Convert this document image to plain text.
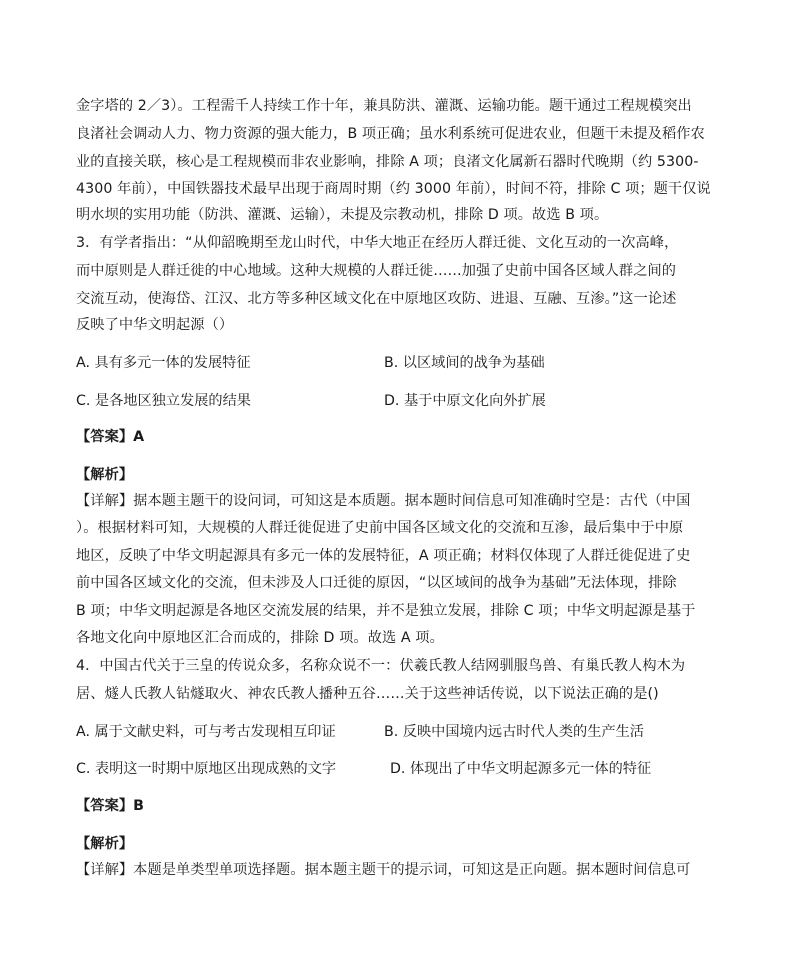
金字塔的 2／3）。工程需千人持续工作十年，兼具防洪、灌溉、运输功能。题干通过工程规模突出
良渚社会调动人力、物力资源的强大能力，B 项正确；虽水利系统可促进农业，但题干未提及稻作农
业的直接关联，核心是工程规模而非农业影响，排除 A 项；良渚文化属新石器时代晚期（约 5300-
4300 年前），中国铁器技术最早出现于商周时期（约 3000 年前），时间不符，排除 C 项；题干仅说
明水坝的实用功能（防洪、灌溉、运输），未提及宗教动机，排除 D 项。故选 B 项。
3．有学者指出：“从仰韶晚期至龙山时代，中华大地正在经历人群迁徙、文化互动的一次高峰，
而中原则是人群迁徙的中心地域。这种大规模的人群迁徙……加强了史前中国各区域人群之间的
交流互动，使海岱、江汉、北方等多种区域文化在中原地区攻防、进退、互融、互渗。”这一论述
反映了中华文明起源（）
A. 具有多元一体的发展特征	B. 以区域间的战争为基础
C. 是各地区独立发展的结果	D. 基于中原文化向外扩展
【答案】A
【解析】
【详解】据本题主题干的设问词，可知这是本质题。据本题时间信息可知准确时空是：古代（中国
）。根据材料可知，大规模的人群迁徙促进了史前中国各区域文化的交流和互渗，最后集中于中原
地区，反映了中华文明起源具有多元一体的发展特征，A 项正确；材料仅体现了人群迁徙促进了史
前中国各区域文化的交流，但未涉及人口迁徙的原因，“以区域间的战争为基础”无法体现，排除
B 项；中华文明起源是各地区交流发展的结果，并不是独立发展，排除 C 项；中华文明起源是基于
各地文化向中原地区汇合而成的，排除 D 项。故选 A 项。
4．中国古代关于三皇的传说众多，名称众说不一：伏羲氏教人结网驯服鸟兽、有巢氏教人构木为
居、燧人氏教人钻燧取火、神农氏教人播种五谷……关于这些神话传说，以下说法正确的是()
A. 属于文献史料，可与考古发现相互印证	B. 反映中国境内远古时代人类的生产生活
C. 表明这一时期中原地区出现成熟的文字	D. 体现出了中华文明起源多元一体的特征
【答案】B
【解析】
【详解】本题是单类型单项选择题。据本题主题干的提示词，可知这是正向题。据本题时间信息可
